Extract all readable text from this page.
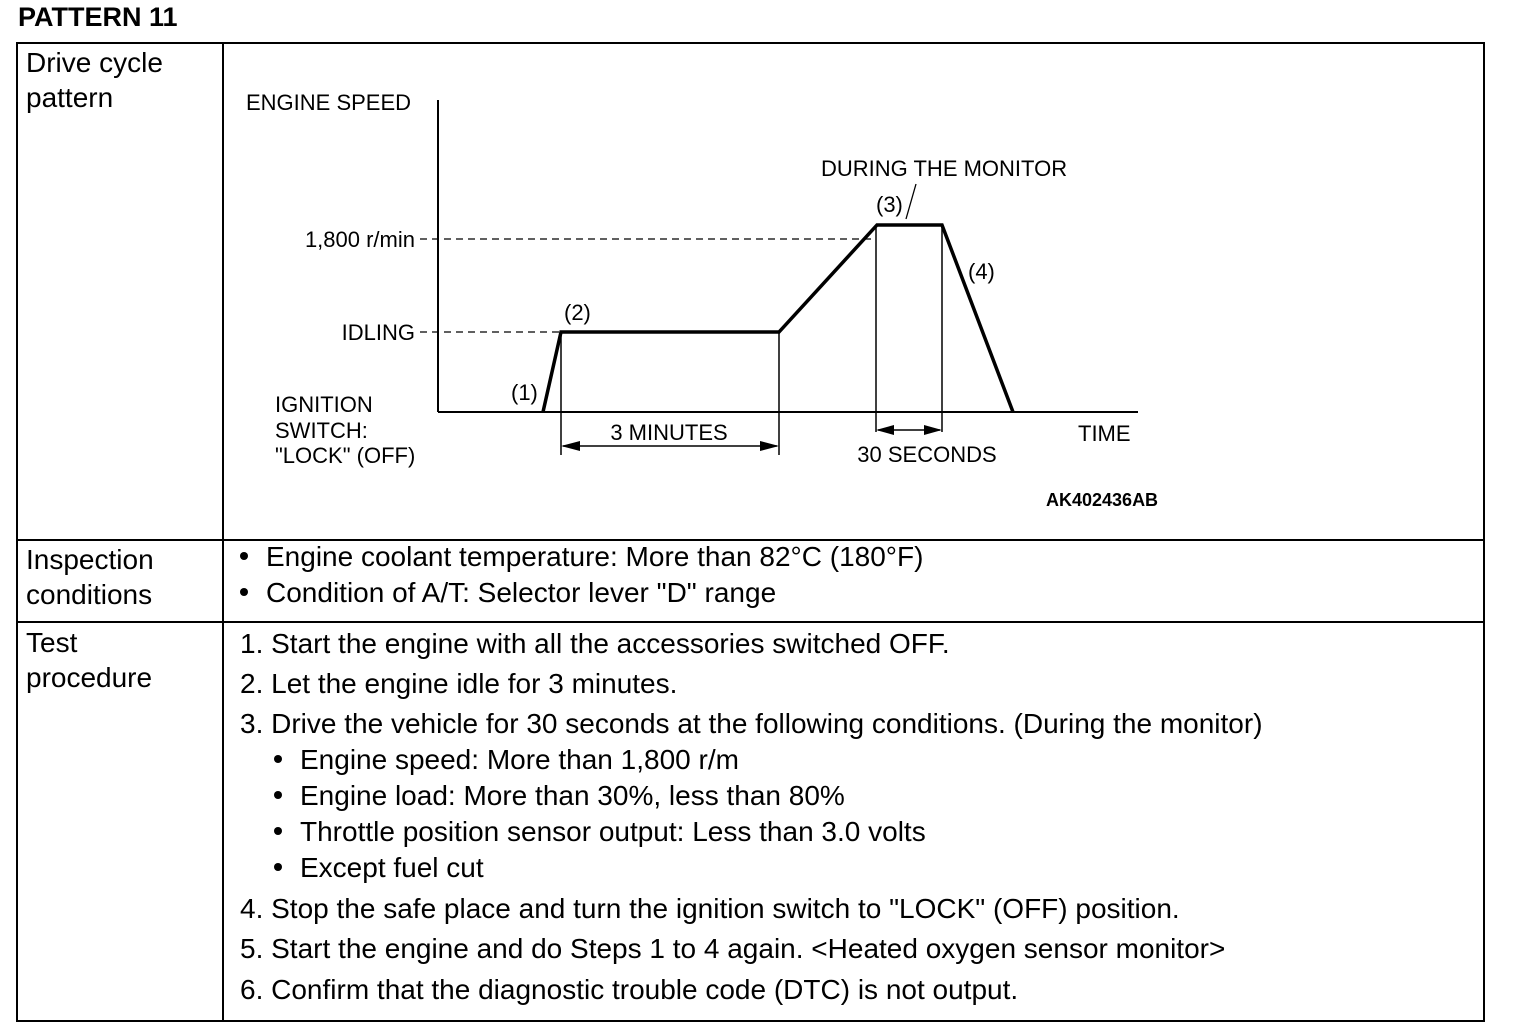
PATTERN 11
Drive cycle
pattern	ENGINE SPEED
1,800 r/min
IDLING
IGNITION SWITCH: "LOCK" (OFF)
(1)
(2)
(3)
(4)
DURING THE MONITOR
3 MINUTES
30 SECONDS
TIME
AK402436AB
Inspection
conditions
Engine coolant temperature: More than 82°C (180°F)
Condition of A/T: Selector lever "D" range
Test
procedure
1. Start the engine with all the accessories switched OFF.
2. Let the engine idle for 3 minutes.
3. Drive the vehicle for 30 seconds at the following conditions. (During the monitor)
Engine speed: More than 1,800 r/m
Engine load: More than 30%, less than 80%
Throttle position sensor output: Less than 3.0 volts
Except fuel cut
4. Stop the safe place and turn the ignition switch to "LOCK" (OFF) position.
5. Start the engine and do Steps 1 to 4 again. <Heated oxygen sensor monitor>
6. Confirm that the diagnostic trouble code (DTC) is not output.
